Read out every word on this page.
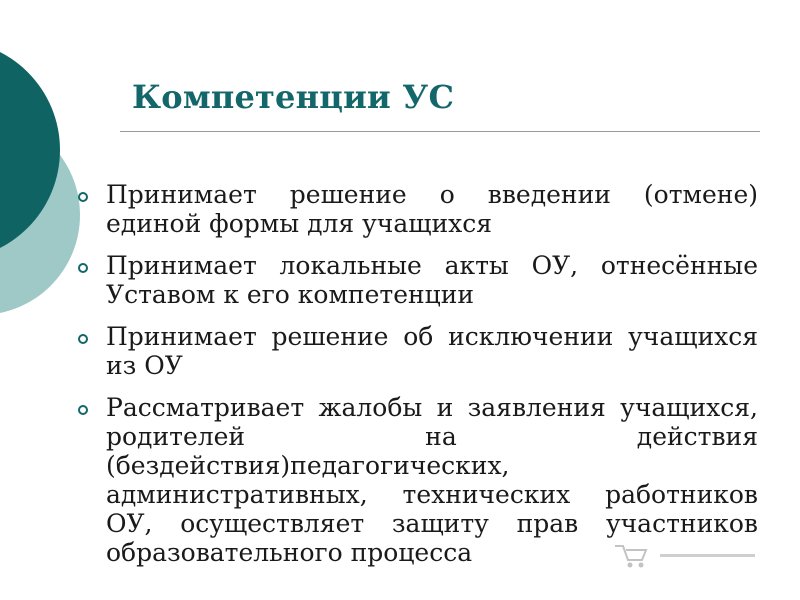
Компетенции УС
Принимает решение о введении (отмене) единой формы для учащихся
Принимает локальные акты ОУ, отнесённые Уставом к его компетенции
Принимает решение об исключении учащихся из ОУ
Рассматривает жалобы и заявления учащихся, родителей на действия (бездействия)педагогических, административных, технических работников ОУ, осуществляет защиту прав участников образовательного процесса
